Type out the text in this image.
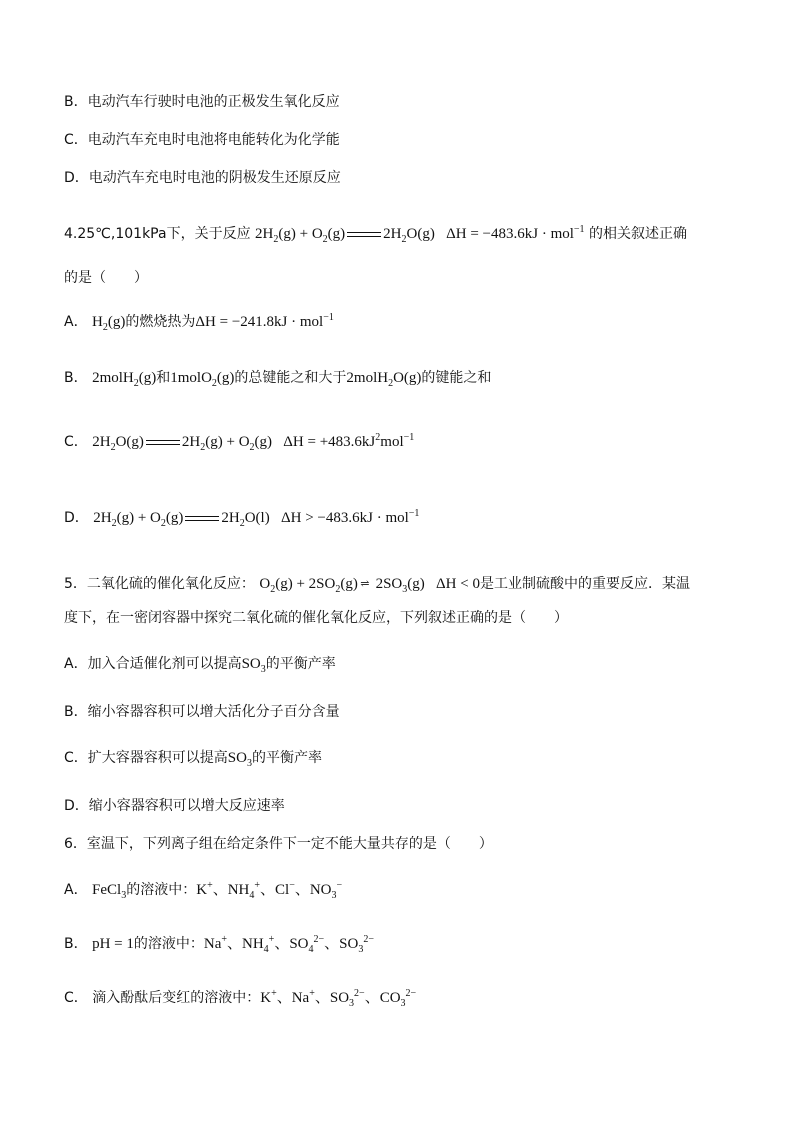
B．电动汽车行驶时电池的正极发生氧化反应
C．电动汽车充电时电池将电能转化为化学能
D．电动汽车充电时电池的阴极发生还原反应
4.25℃,101kPa下，关于反应 $2H_2(g) + O_2(g)$	$2H_2O(g) \Delta H = -483.6kJ \cdot mol^{-1}$ 的相关叙述正确
的是（　　）
A． $H_2(g)$的燃烧热为ΔH = −241.8kJ · mol$^{-1}$
B． 2molH$_2$(g)和1molO$_2$(g)的总键能之和大于2molH$_2$O(g)的键能之和
C． $2H_2O(g)$	$2H_2(g) + O_2(g) \Delta H = +483.6kJ^2mol^{-1}$
D． $2H_2(g) + O_2(g)$	$2H_2O(l) \Delta H > -483.6kJ \cdot mol^{-1}$
5．二氧化硫的催化氧化反应： $O_2(g) + 2SO_2(g)$ ⇌ $2SO_3(g) \Delta H < 0$是工业制硫酸中的重要反应．某温
度下，在一密闭容器中探究二氧化硫的催化氧化反应，下列叙述正确的是（　　）
A．加入合适催化剂可以提高$SO_3$的平衡产率
B．缩小容器容积可以增大活化分子百分含量
C．扩大容器容积可以提高$SO_3$的平衡产率
D．缩小容器容积可以增大反应速率
6．室温下，下列离子组在给定条件下一定不能大量共存的是（　　）
A． FeCl$_3$的溶液中：K+、$NH_4^+$、Cl−、$NO_3^-$
B． pH = 1的溶液中：Na+、$NH_4^+$、$SO_4^{2-}$、$SO_3^{2-}$
C． 滴入酚酞后变红的溶液中：K+、Na+、$SO_3^{2-}$、$CO_3^{2-}$
